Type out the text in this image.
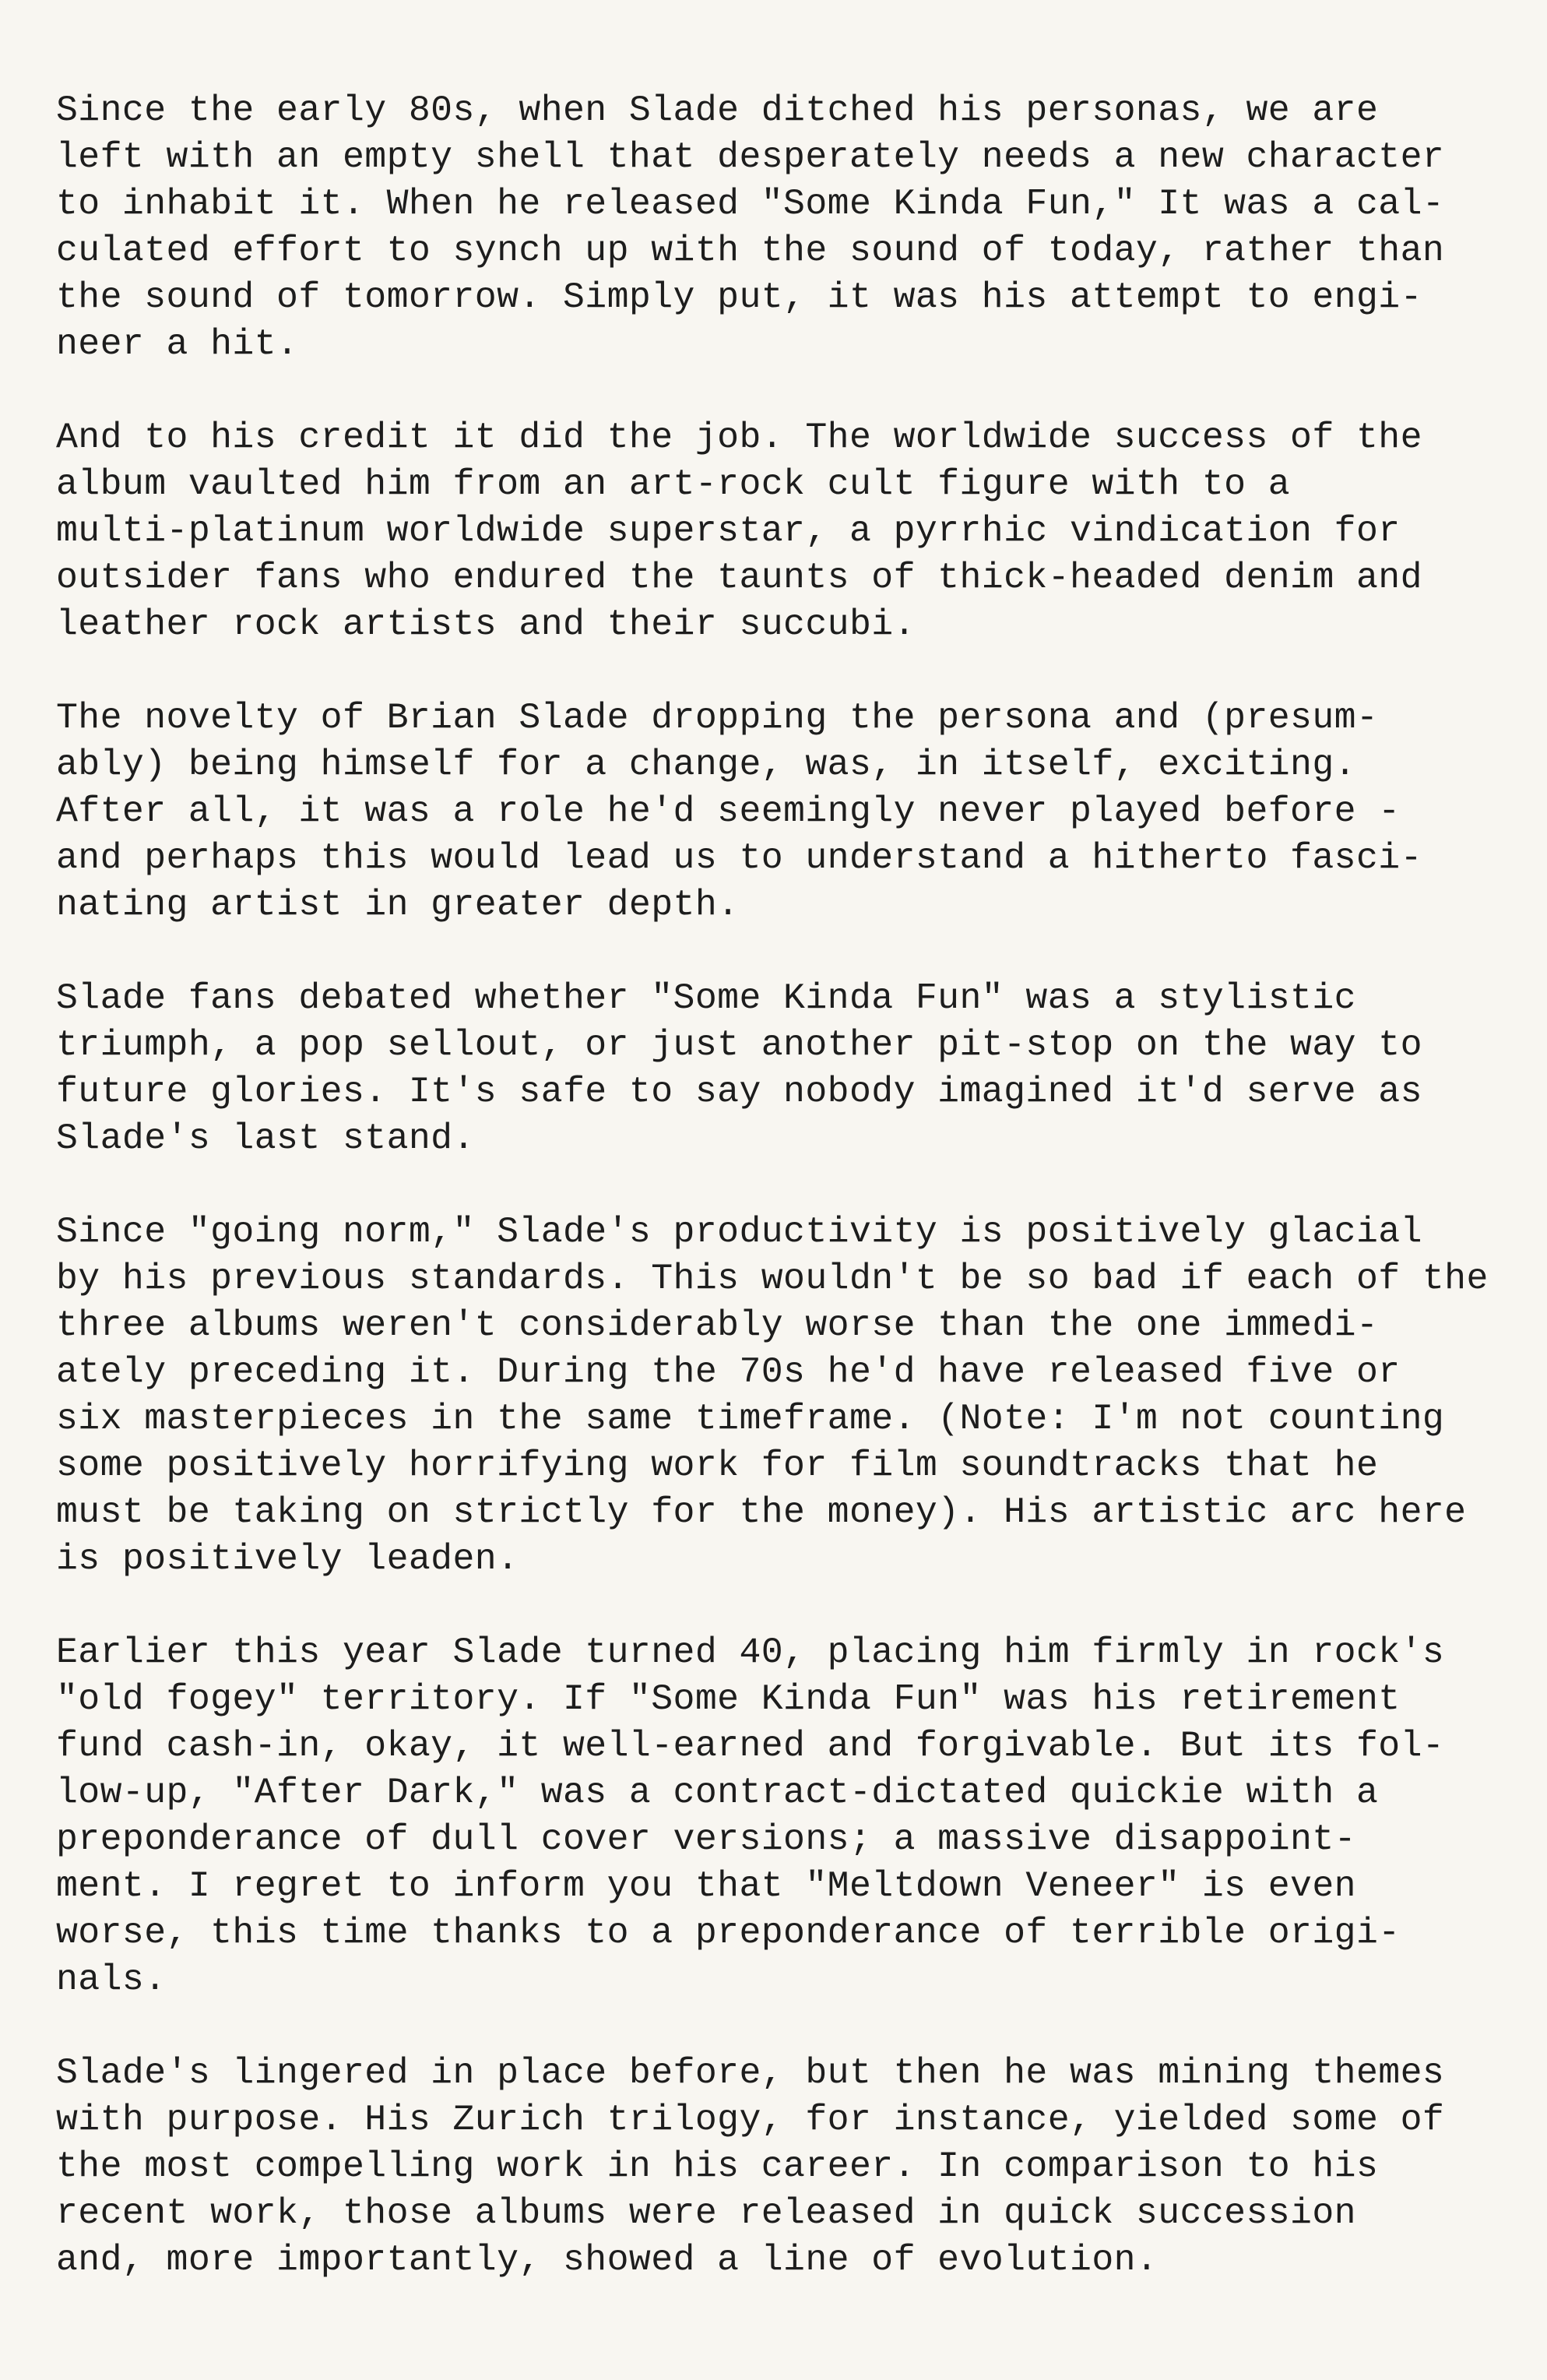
Since the early 80s, when Slade ditched his personas, we are
left with an empty shell that desperately needs a new character
to inhabit it. When he released "Some Kinda Fun," It was a cal-
culated effort to synch up with the sound of today, rather than
the sound of tomorrow. Simply put, it was his attempt to engi-
neer a hit.

And to his credit it did the job. The worldwide success of the
album vaulted him from an art-rock cult figure with to a
multi-platinum worldwide superstar, a pyrrhic vindication for
outsider fans who endured the taunts of thick-headed denim and
leather rock artists and their succubi.

The novelty of Brian Slade dropping the persona and (presum-
ably) being himself for a change, was, in itself, exciting.
After all, it was a role he'd seemingly never played before -
and perhaps this would lead us to understand a hitherto fasci-
nating artist in greater depth.

Slade fans debated whether "Some Kinda Fun" was a stylistic
triumph, a pop sellout, or just another pit-stop on the way to
future glories. It's safe to say nobody imagined it'd serve as
Slade's last stand.

Since "going norm," Slade's productivity is positively glacial
by his previous standards. This wouldn't be so bad if each of the
three albums weren't considerably worse than the one immedi-
ately preceding it. During the 70s he'd have released five or
six masterpieces in the same timeframe. (Note: I'm not counting
some positively horrifying work for film soundtracks that he
must be taking on strictly for the money). His artistic arc here
is positively leaden.

Earlier this year Slade turned 40, placing him firmly in rock's
"old fogey" territory. If "Some Kinda Fun" was his retirement
fund cash-in, okay, it well-earned and forgivable. But its fol-
low-up, "After Dark," was a contract-dictated quickie with a
preponderance of dull cover versions; a massive disappoint-
ment. I regret to inform you that "Meltdown Veneer" is even
worse, this time thanks to a preponderance of terrible origi-
nals.

Slade's lingered in place before, but then he was mining themes
with purpose. His Zurich trilogy, for instance, yielded some of
the most compelling work in his career. In comparison to his
recent work, those albums were released in quick succession
and, more importantly, showed a line of evolution.
